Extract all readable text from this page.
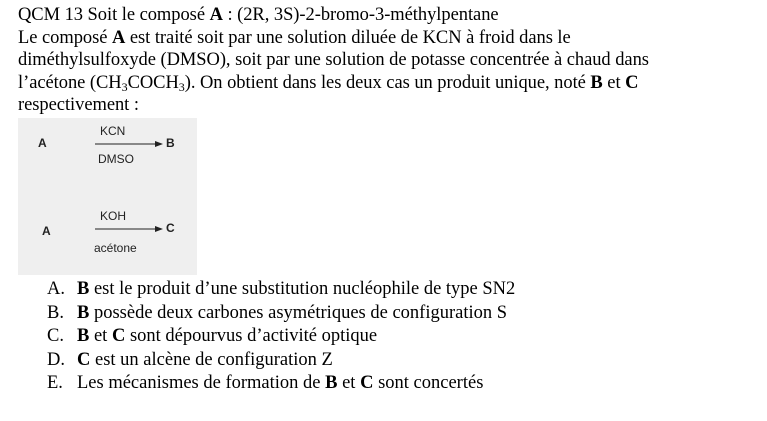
QCM 13 Soit le composé A : (2R, 3S)-2-bromo-3-méthylpentane
Le composé A est traité soit par une solution diluée de KCN à froid dans le
diméthylsulfoxyde (DMSO), soit par une solution de potasse concentrée à chaud dans
l’acétone $(CH_3COCH_3)$. On obtient dans les deux cas un produit unique, noté B et C
respectivement :
A
KCN
DMSO
B
A
KOH
acétone
C
A. B est le produit d’une substitution nucléophile de type SN2
B. B possède deux carbones asymétriques de configuration S
C. B et C sont dépourvus d’activité optique
D. C est un alcène de configuration Z
E. Les mécanismes de formation de B et C sont concertés
